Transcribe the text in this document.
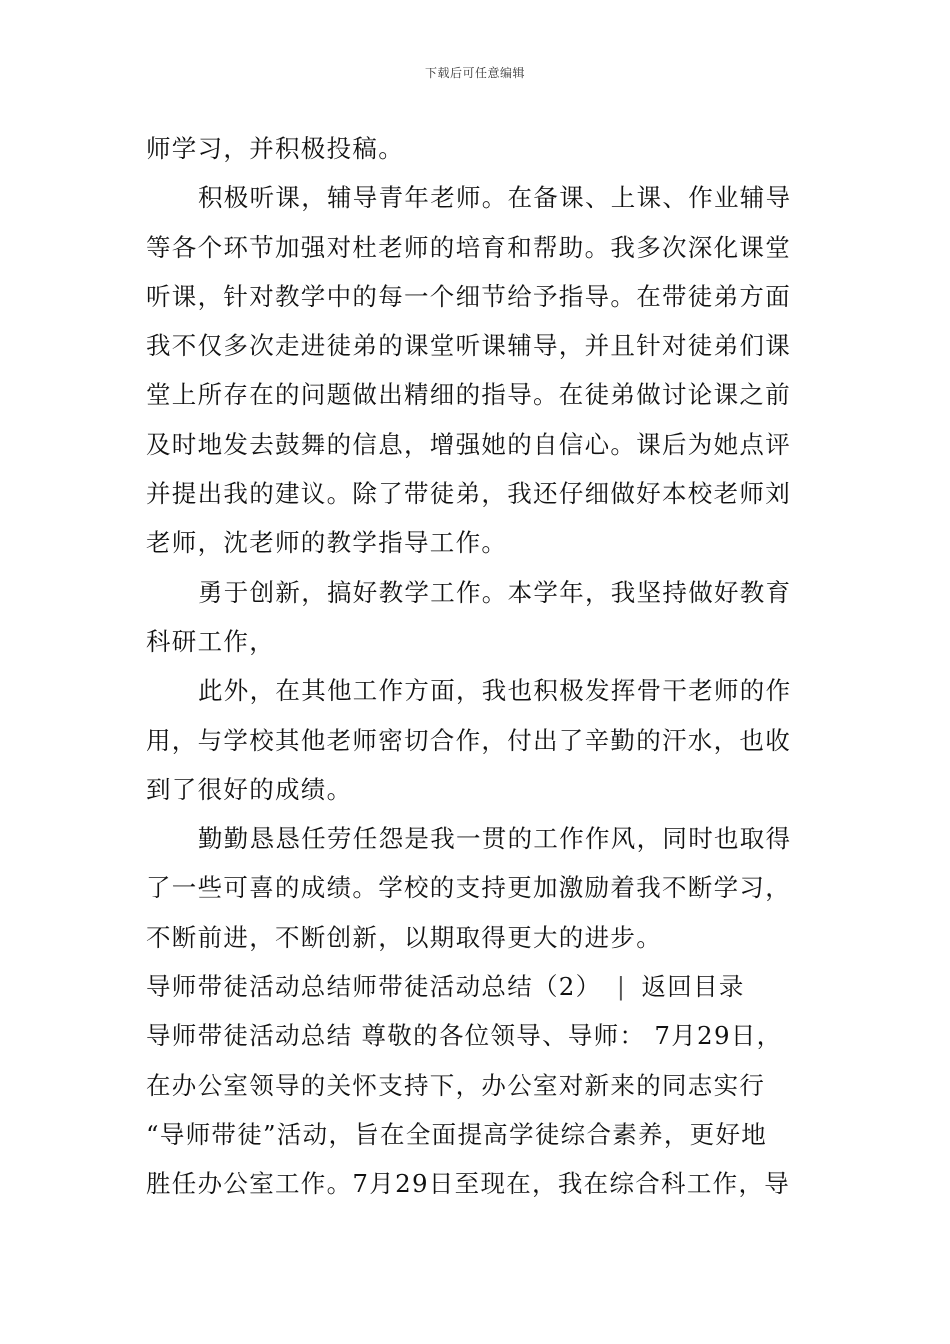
下载后可任意编辑
师学习，并积极投稿。
积极听课，辅导青年老师。在备课、上课、作业辅导
等各个环节加强对杜老师的培育和帮助。我多次深化课堂
听课，针对教学中的每一个细节给予指导。在带徒弟方面
我不仅多次走进徒弟的课堂听课辅导，并且针对徒弟们课
堂上所存在的问题做出精细的指导。在徒弟做讨论课之前
及时地发去鼓舞的信息，增强她的自信心。课后为她点评
并提出我的建议。除了带徒弟，我还仔细做好本校老师刘
老师，沈老师的教学指导工作。
勇于创新，搞好教学工作。本学年，我坚持做好教育
科研工作，
此外，在其他工作方面，我也积极发挥骨干老师的作
用，与学校其他老师密切合作，付出了辛勤的汗水，也收
到了很好的成绩。
勤勤恳恳任劳任怨是我一贯的工作作风，同时也取得
了一些可喜的成绩。学校的支持更加激励着我不断学习，
不断前进，不断创新，以期取得更大的进步。
导师带徒活动总结师带徒活动总结（2） | 返回目录
导师带徒活动总结 尊敬的各位领导、导师： 7月29日，
在办公室领导的关怀支持下，办公室对新来的同志实行
“导师带徒”活动，旨在全面提高学徒综合素养，更好地
胜任办公室工作。7月29日至现在，我在综合科工作，导
